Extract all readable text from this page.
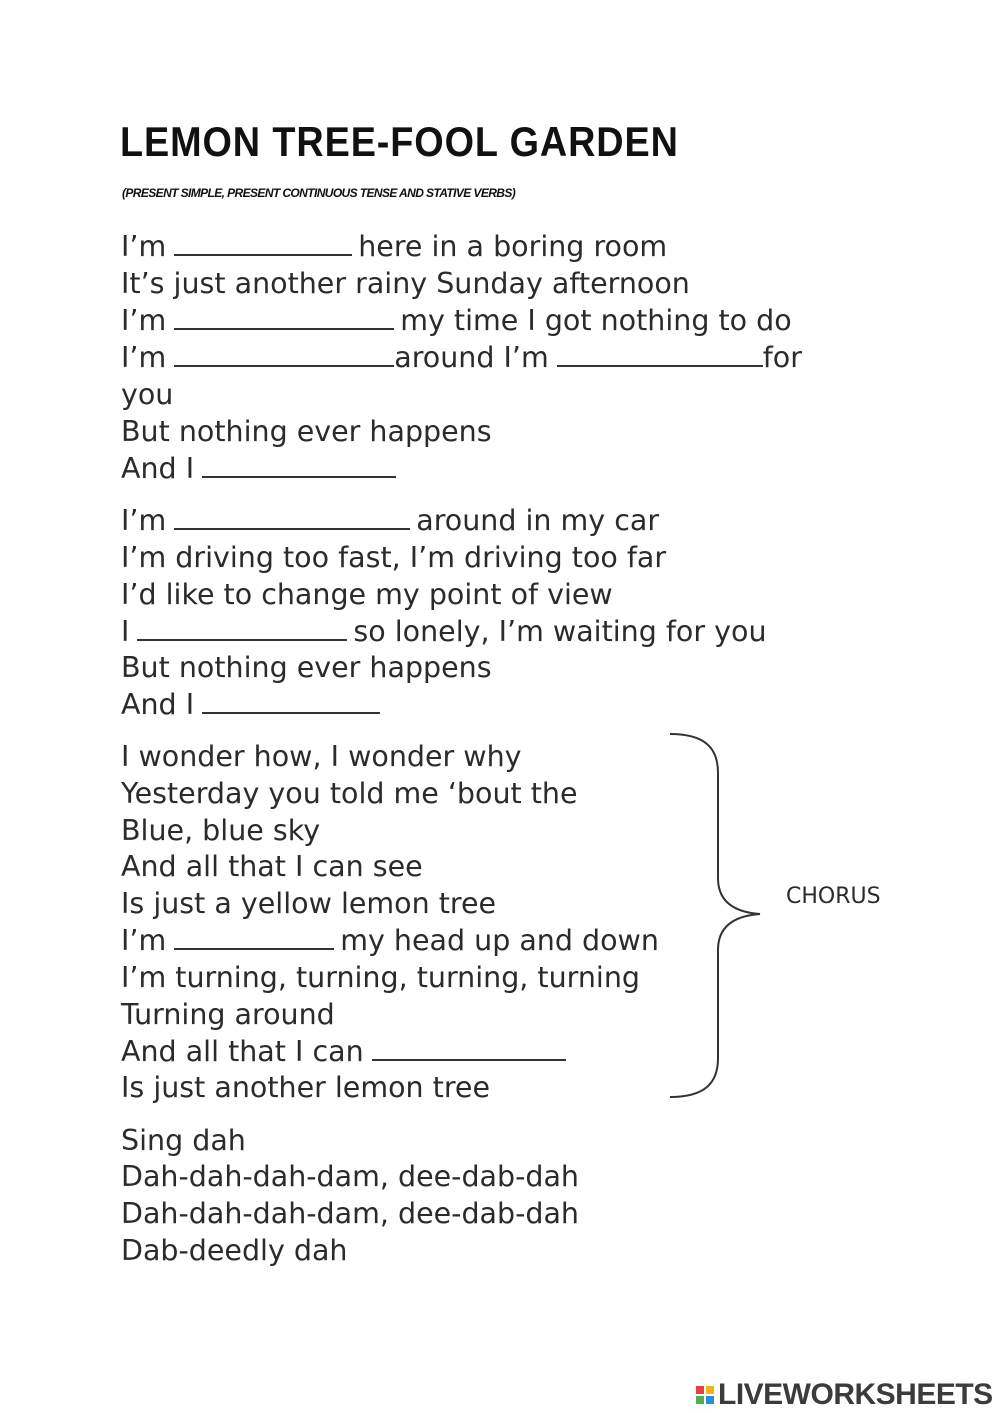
LEMON TREE-FOOL GARDEN
(PRESENT SIMPLE, PRESENT CONTINUOUS TENSE AND STATIVE VERBS)
I’m	here in a boring room
It’s just another rainy Sunday afternoon
I’m	my time I got nothing to do
I’m	around I’m	for
you
But nothing ever happens
And I
I’m	around in my car
I’m driving too fast, I’m driving too far
I’d like to change my point of view
I	so lonely, I’m waiting for you
But nothing ever happens
And I
I wonder how, I wonder why
Yesterday you told me ‘bout the
Blue, blue sky
And all that I can see
Is just a yellow lemon tree
I’m	my head up and down
I’m turning, turning, turning, turning
Turning around
And all that I can
Is just another lemon tree
CHORUS
Sing dah
Dah-dah-dah-dam, dee-dab-dah
Dah-dah-dah-dam, dee-dab-dah
Dab-deedly dah
LIVEWORKSHEETS
